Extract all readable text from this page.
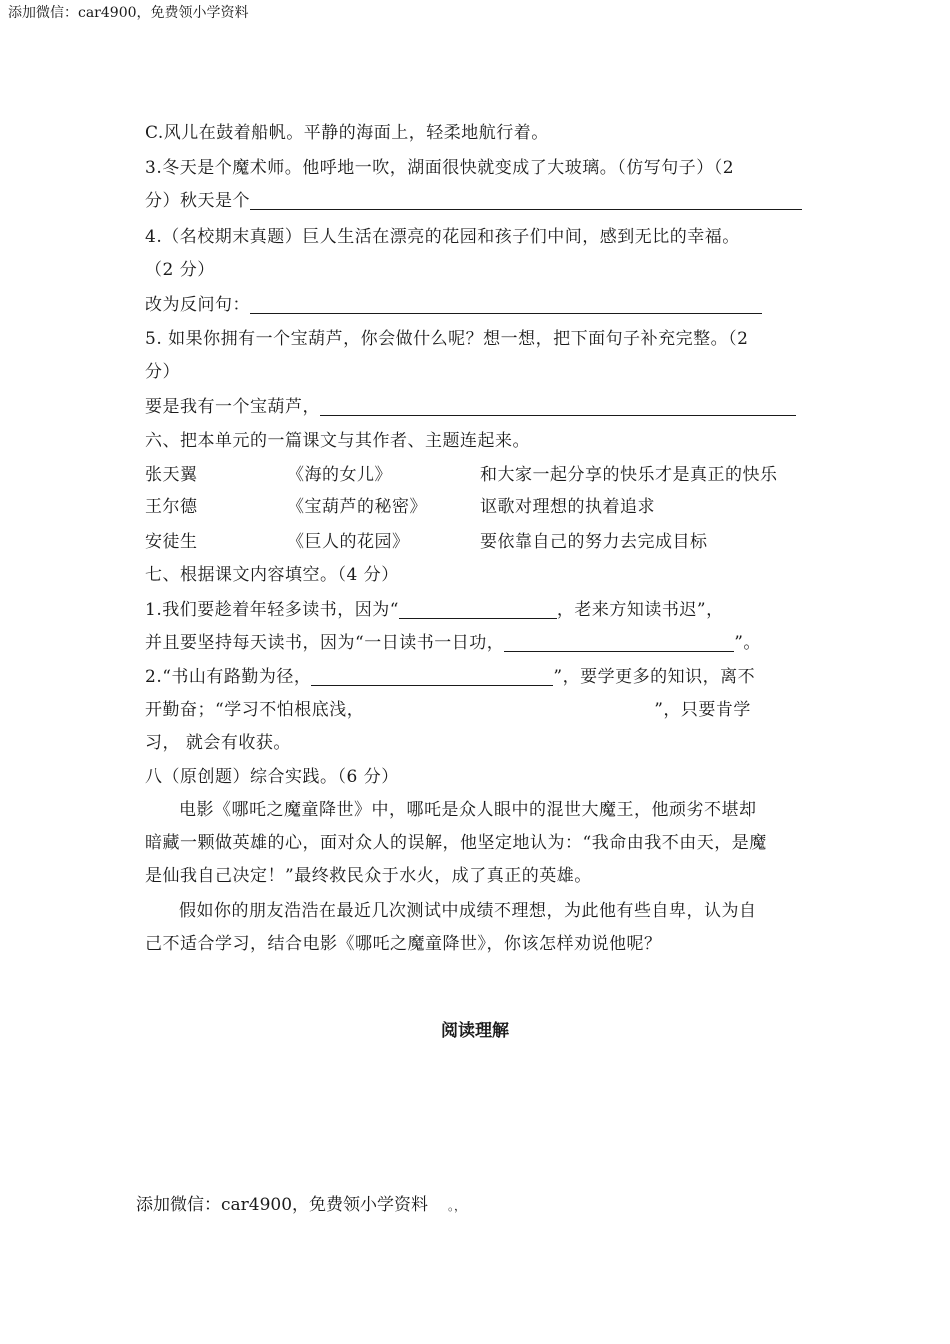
添加微信：car4900，免费领小学资料
C.风儿在鼓着船帆。平静的海面上，轻柔地航行着。
3.冬天是个魔术师。他呼地一吹，湖面很快就变成了大玻璃。（仿写句子）（2
分）秋天是个
4.（名校期末真题）巨人生活在漂亮的花园和孩子们中间，感到无比的幸福。
（2 分）
改为反问句：
5. 如果你拥有一个宝葫芦，你会做什么呢？想一想，把下面句子补充完整。（2
分）
要是我有一个宝葫芦，
六、把本单元的一篇课文与其作者、主题连起来。
张天翼	《海的女儿》	和大家一起分享的快乐才是真正的快乐
王尔德	《宝葫芦的秘密》	讴歌对理想的执着追求
安徒生	《巨人的花园》	要依靠自己的努力去完成目标
七、根据课文内容填空。（4 分）
1.我们要趁着年轻多读书，因为“	，老来方知读书迟”，
并且要坚持每天读书，因为“一日读书一日功，	”。
2.“书山有路勤为径，	”，要学更多的知识，离不
开勤奋；“学习不怕根底浅，	”，只要肯学
习， 就会有收获。
八（原创题）综合实践。（6 分）
电影《哪吒之魔童降世》中，哪吒是众人眼中的混世大魔王，他顽劣不堪却
暗藏一颗做英雄的心，面对众人的误解，他坚定地认为：“我命由我不由天，是魔
是仙我自己决定！”最终救民众于水火，成了真正的英雄。
假如你的朋友浩浩在最近几次测试中成绩不理想，为此他有些自卑，认为自
己不适合学习，结合电影《哪吒之魔童降世》，你该怎样劝说他呢？
阅读理解
添加微信：car4900，免费领小学资料 。，
